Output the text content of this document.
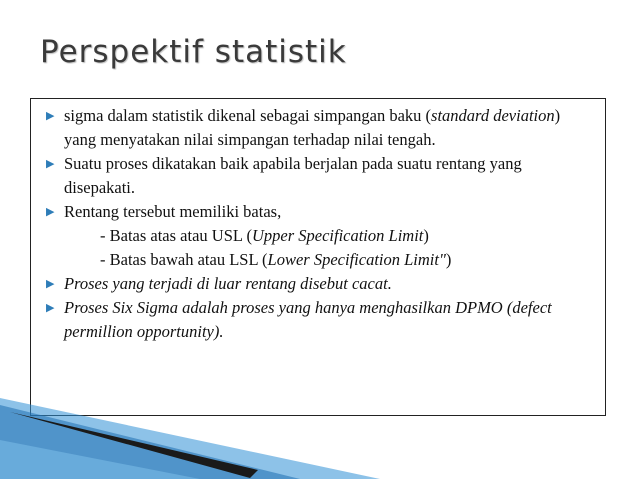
Perspektif statistik
▶ sigma dalam statistik dikenal sebagai simpangan baku (standard deviation) yang menyatakan nilai simpangan terhadap nilai tengah.
▶ Suatu proses dikatakan baik apabila berjalan pada suatu rentang yang disepakati.
▶ Rentang tersebut memiliki batas,
- Batas atas atau USL (Upper Specification Limit)
- Batas bawah atau LSL (Lower Specification Limit")
▶ Proses yang terjadi di luar rentang disebut cacat.
▶ Proses Six Sigma adalah proses yang hanya menghasilkan DPMO (defect permillion opportunity).
